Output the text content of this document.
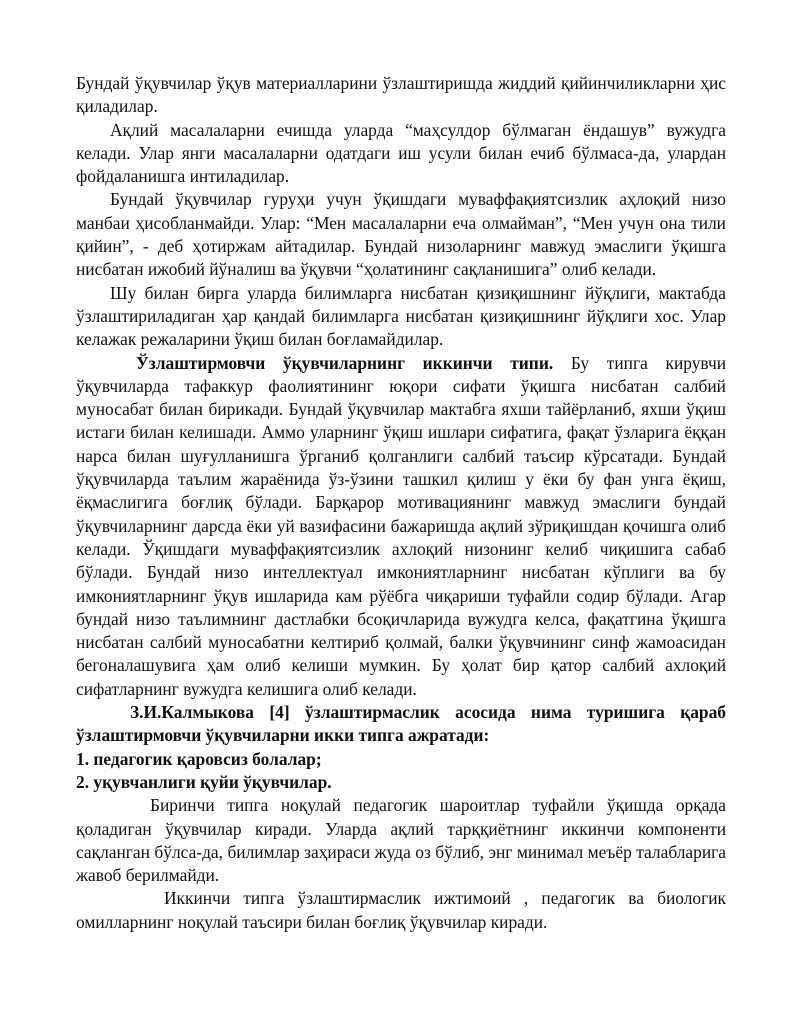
Бундай ўқувчилар ўқув материалларини ўзлаштиришда жиддий қийинчиликларни ҳис қиладилар.

Ақлий масалаларни ечишда уларда “маҳсулдор бўлмаган ёндашув” вужудга келади. Улар янги масалаларни одатдаги иш усули билан ечиб бўлмаса-да, улардан фойдаланишга интиладилар.

Бундай ўқувчилар гуруҳи учун ўқишдаги муваффақиятсизлик аҳлоқий низо манбаи ҳисобланмайди. Улар: “Мен масалаларни еча олмайман”, “Мен учун она тили қийин”, - деб ҳотиржам айтадилар. Бундай низоларнинг мавжуд эмаслиги ўқишга нисбатан ижобий йўналиш ва ўқувчи “ҳолатининг сақланишига” олиб келади.

Шу билан бирга уларда билимларга нисбатан қизиқишнинг йўқлиги, мактабда ўзлаштириладиган ҳар қандай билимларга нисбатан қизиқишнинг йўқлиги хос. Улар келажак режаларини ўқиш билан боғламайдилар.

Ўзлаштирмовчи ўқувчиларнинг иккинчи типи. Бу типга кирувчи ўқувчиларда тафаккур фаолиятининг юқори сифати ўқишга нисбатан салбий муносабат билан бирикади. Бундай ўқувчилар мактабга яхши тайёрланиб, яхши ўқиш истаги билан келишади. Аммо уларнинг ўқиш ишлари сифатига, фақат ўзларига ёққан нарса билан шуғулланишга ўрганиб қолганлиги салбий таъсир кўрсатади. Бундай ўқувчиларда таълим жараёнида ўз-ўзини ташкил қилиш у ёки бу фан унга ёқиш, ёқмаслигига боғлиқ бўлади. Барқарор мотивациянинг мавжуд эмаслиги бундай ўқувчиларнинг дарсда ёки уй вазифасини бажаришда ақлий зўриқишдан қочишга олиб келади. Ўқишдаги муваффақиятсизлик ахлоқий низонинг келиб чиқишига сабаб бўлади. Бундай низо интеллектуал имкониятларнинг нисбатан кўплиги ва бу имкониятларнинг ўқув ишларида кам рўёбга чиқариши туфайли содир бўлади. Агар бундай низо таълимнинг дастлабки бсоқичларида вужудга келса, фақатгина ўқишга нисбатан салбий муносабатни келтириб қолмай, балки ўқувчининг синф жамоасидан бегоналашувига ҳам олиб келиши мумкин. Бу ҳолат бир қатор салбий ахлоқий сифатларнинг вужудга келишига олиб келади.

З.И.Калмыкова [4] ўзлаштирмаслик асосида нима туришига қараб ўзлаштирмовчи ўқувчиларни икки типга ажратади:

1. педагогик қаровсиз болалар;

2. уқувчанлиги қуйи ўқувчилар.

Биринчи типга ноқулай педагогик шароитлар туфайли ўқишда орқада қоладиган ўқувчилар киради. Уларда ақлий тарққиётнинг иккинчи компоненти сақланган бўлса-да, билимлар заҳираси жуда оз бўлиб, энг минимал меъёр талабларига жавоб берилмайди.

Иккинчи типга ўзлаштирмаслик ижтимоий , педагогик ва биологик омилларнинг ноқулай таъсири билан боғлиқ ўқувчилар киради.
